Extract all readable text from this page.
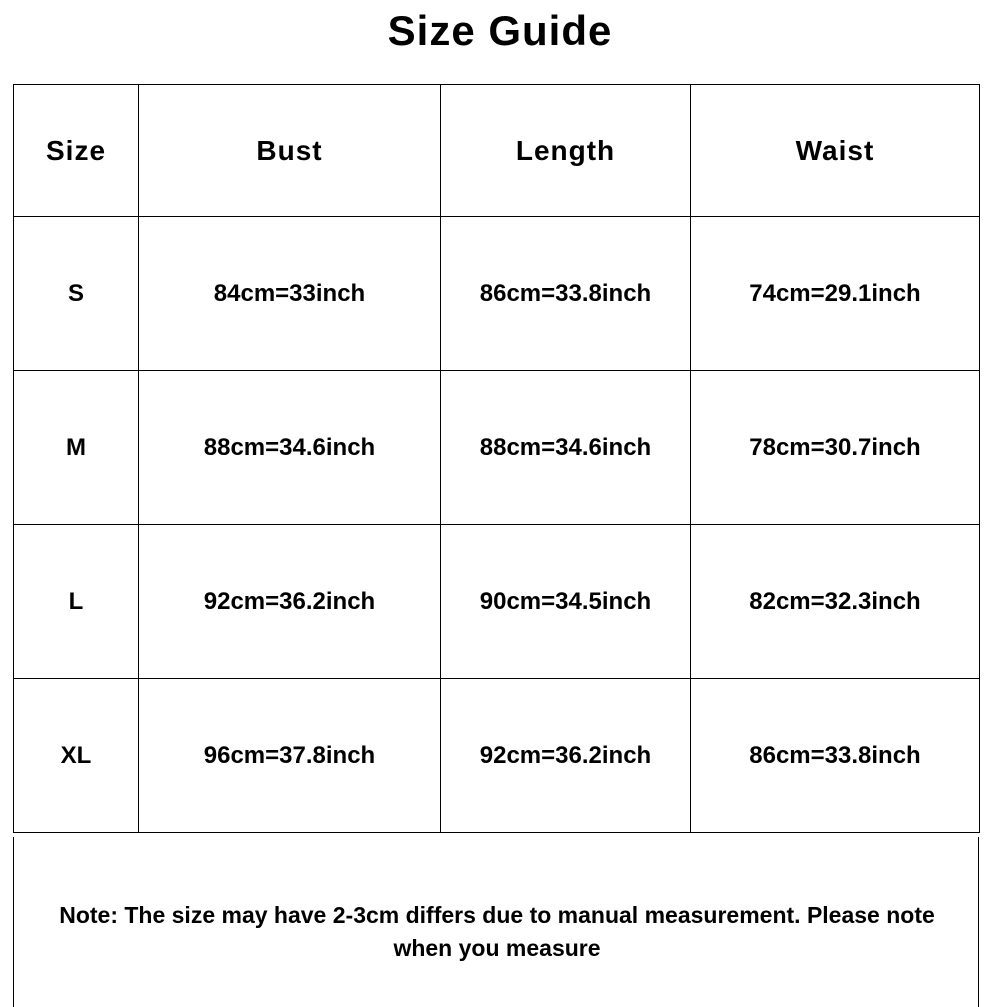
Size Guide
Size	Bust	Length	Waist
S	84cm=33inch	86cm=33.8inch	74cm=29.1inch
M	88cm=34.6inch	88cm=34.6inch	78cm=30.7inch
L	92cm=36.2inch	90cm=34.5inch	82cm=32.3inch
XL	96cm=37.8inch	92cm=36.2inch	86cm=33.8inch
Note: The size may have 2-3cm differs due to manual measurement. Please note
when you measure
